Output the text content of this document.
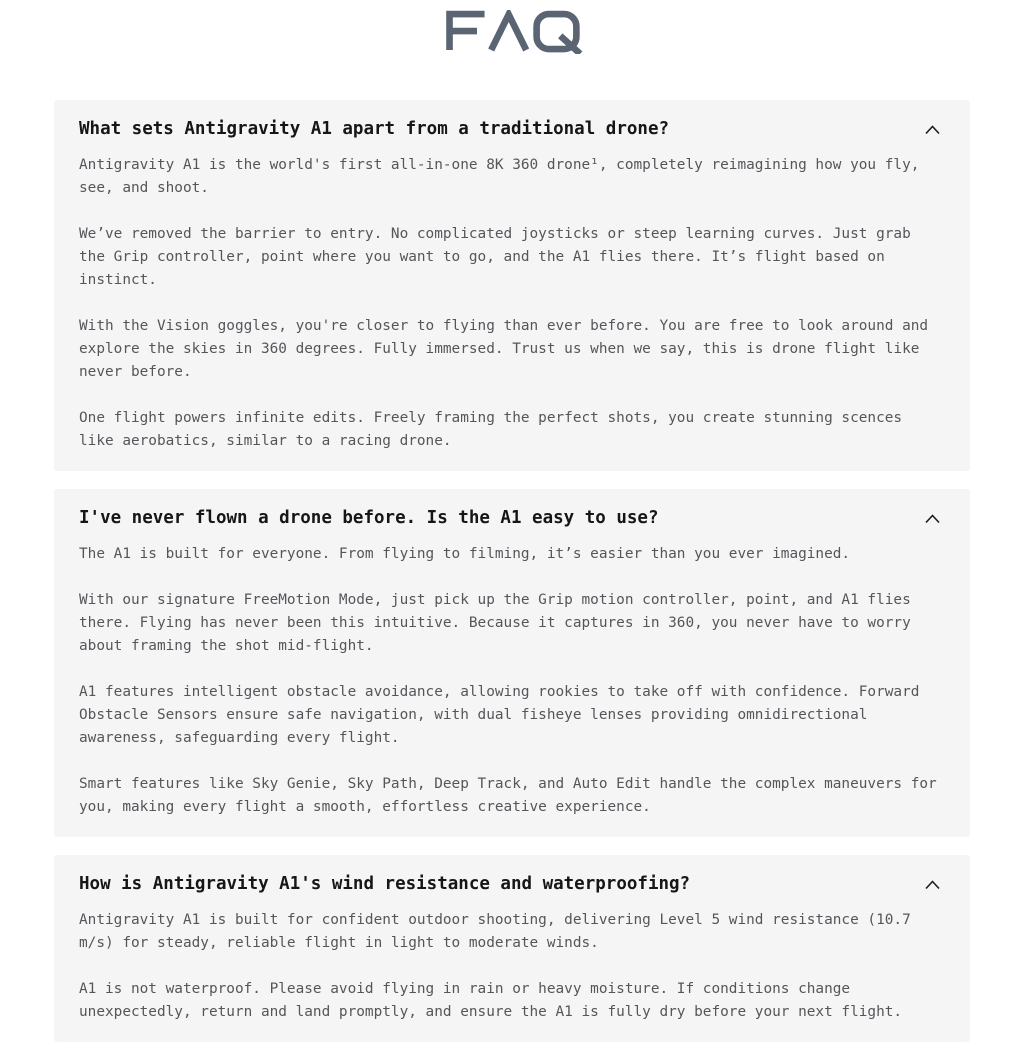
What sets Antigravity A1 apart from a traditional drone?

Antigravity A1 is the world's first all-in-one 8K 360 drone¹, completely reimagining how you fly, see, and shoot.

We’ve removed the barrier to entry. No complicated joysticks or steep learning curves. Just grab the Grip controller, point where you want to go, and the A1 flies there. It’s flight based on instinct.

With the Vision goggles, you're closer to flying than ever before. You are free to look around and explore the skies in 360 degrees. Fully immersed. Trust us when we say, this is drone flight like never before.

One flight powers infinite edits. Freely framing the perfect shots, you create stunning scences like aerobatics, similar to a racing drone.

I've never flown a drone before. Is the A1 easy to use?

The A1 is built for everyone. From flying to filming, it’s easier than you ever imagined.

With our signature FreeMotion Mode, just pick up the Grip motion controller, point, and A1 flies there. Flying has never been this intuitive. Because it captures in 360, you never have to worry about framing the shot mid-flight.

A1 features intelligent obstacle avoidance, allowing rookies to take off with confidence. Forward Obstacle Sensors ensure safe navigation, with dual fisheye lenses providing omnidirectional awareness, safeguarding every flight.

Smart features like Sky Genie, Sky Path, Deep Track, and Auto Edit handle the complex maneuvers for you, making every flight a smooth, effortless creative experience.

How is Antigravity A1's wind resistance and waterproofing?

Antigravity A1 is built for confident outdoor shooting, delivering Level 5 wind resistance (10.7 m/s) for steady, reliable flight in light to moderate winds.

A1 is not waterproof. Please avoid flying in rain or heavy moisture. If conditions change unexpectedly, return and land promptly, and ensure the A1 is fully dry before your next flight.
